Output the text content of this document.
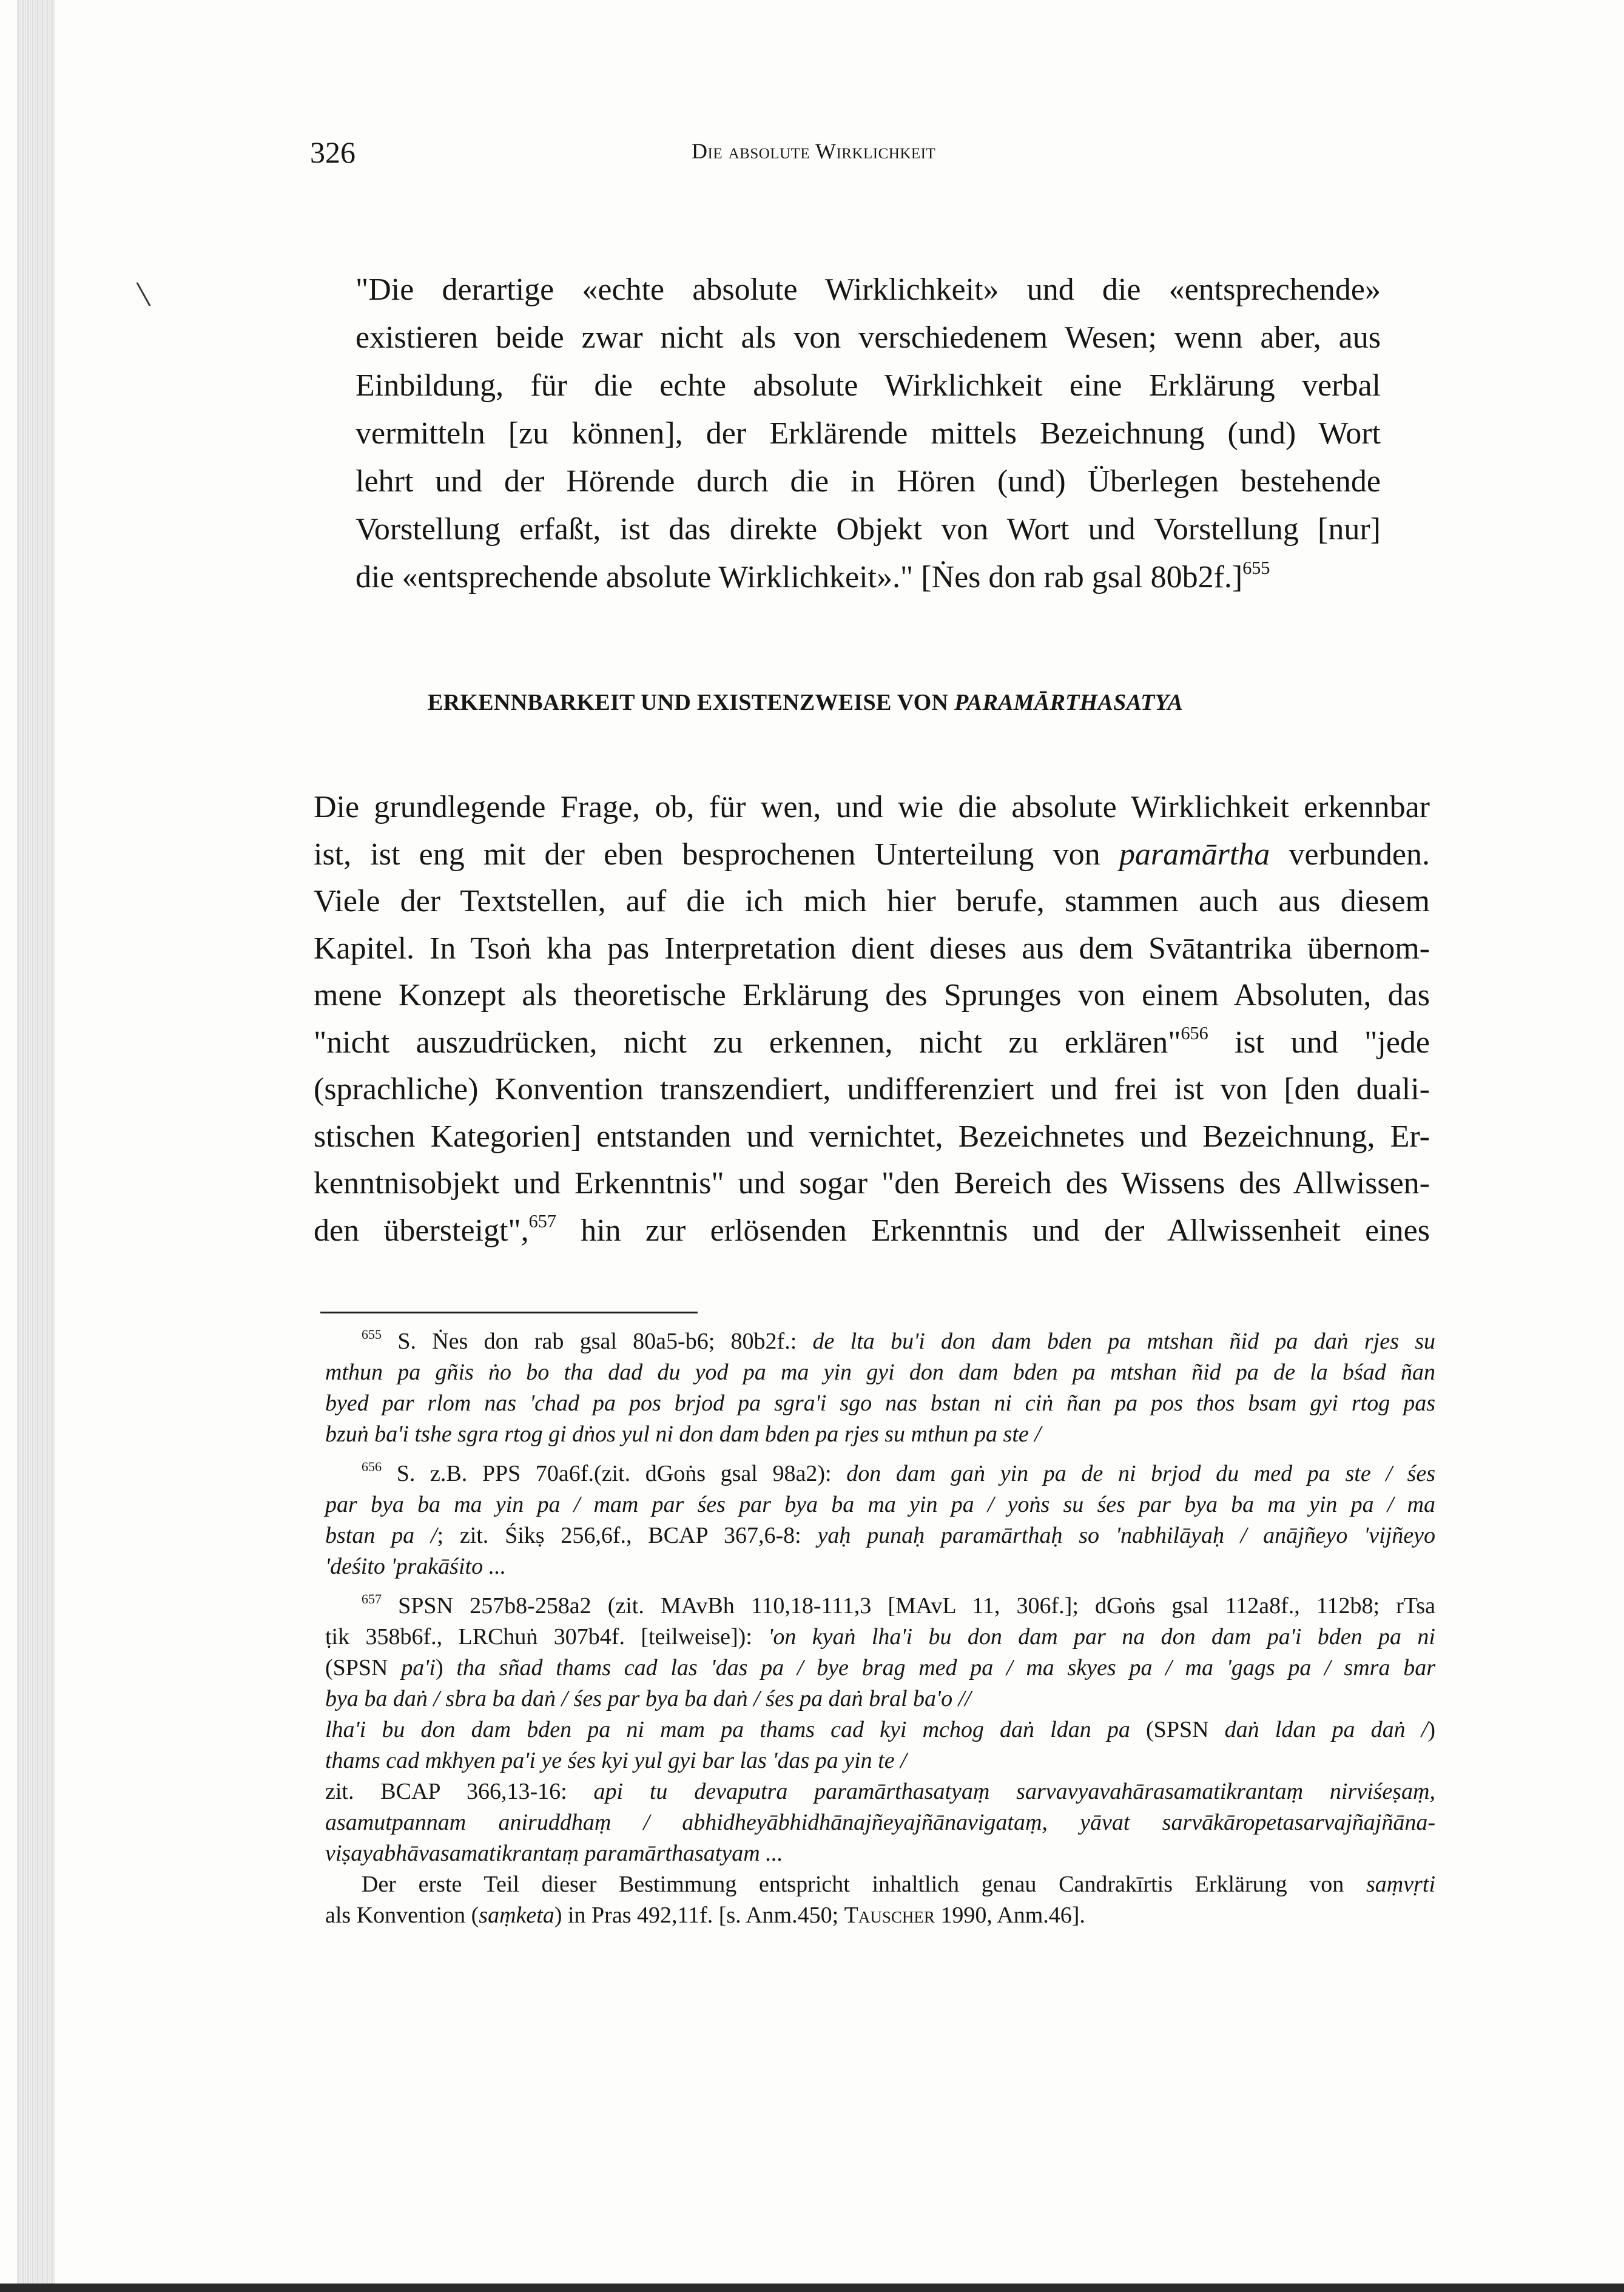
\
326	Die absolute Wirklichkeit
"Die derartige «echte absolute Wirklichkeit» und die «entsprechende»
existieren beide zwar nicht als von verschiedenem Wesen; wenn aber, aus
Einbildung, für die echte absolute Wirklichkeit eine Erklärung verbal
vermitteln [zu können], der Erklärende mittels Bezeichnung (und) Wort
lehrt und der Hörende durch die in Hören (und) Überlegen bestehende
Vorstellung erfaßt, ist das direkte Objekt von Wort und Vorstellung [nur]
die «entsprechende absolute Wirklichkeit»." [Ṅes don rab gsal 80b2f.]$^{655}$
ERKENNBARKEIT UND EXISTENZWEISE VON PARAMĀRTHASATYA
Die grundlegende Frage, ob, für wen, und wie die absolute Wirklichkeit erkennbar
ist, ist eng mit der eben besprochenen Unterteilung von paramārtha verbunden.
Viele der Textstellen, auf die ich mich hier berufe, stammen auch aus diesem
Kapitel. In Tsoṅ kha pas Interpretation dient dieses aus dem Svātantrika übernom-
mene Konzept als theoretische Erklärung des Sprunges von einem Absoluten, das
"nicht auszudrücken, nicht zu erkennen, nicht zu erklären"$^{656}$ ist und "jede
(sprachliche) Konvention transzendiert, undifferenziert und frei ist von [den duali-
stischen Kategorien] entstanden und vernichtet, Bezeichnetes und Bezeichnung, Er-
kenntnisobjekt und Erkenntnis" und sogar "den Bereich des Wissens des Allwissen-
den übersteigt",$^{657}$ hin zur erlösenden Erkenntnis und der Allwissenheit eines
$^{655}$ S. Ṅes don rab gsal 80a5-b6; 80b2f.: de lta bu'i don dam bden pa mtshan ñid pa daṅ rjes su
mthun pa gñis ṅo bo tha dad du yod pa ma yin gyi don dam bden pa mtshan ñid pa de la bśad ñan
byed par rlom nas 'chad pa pos brjod pa sgra'i sgo nas bstan ni ciṅ ñan pa pos thos bsam gyi rtog pas
bzuṅ ba'i tshe sgra rtog gi dṅos yul ni don dam bden pa rjes su mthun pa ste /
$^{656}$ S. z.B. PPS 70a6f.(zit. dGoṅs gsal 98a2): don dam gaṅ yin pa de ni brjod du med pa ste / śes
par bya ba ma yin pa / mam par śes par bya ba ma yin pa / yoṅs su śes par bya ba ma yin pa / ma
bstan pa /; zit. Śikṣ 256,6f., BCAP 367,6-8: yaḥ punaḥ paramārthaḥ so 'nabhilāyaḥ / anājñeyo 'vijñeyo
'deśito 'prakāśito ...
$^{657}$ SPSN 257b8-258a2 (zit. MAvBh 110,18-111,3 [MAvL 11, 306f.]; dGoṅs gsal 112a8f., 112b8; rTsa
ṭik 358b6f., LRChuṅ 307b4f. [teilweise]): 'on kyaṅ lha'i bu don dam par na don dam pa'i bden pa ni
(SPSN pa'i) tha sñad thams cad las 'das pa / bye brag med pa / ma skyes pa / ma 'gags pa / smra bar
bya ba daṅ / sbra ba daṅ / śes par bya ba daṅ / śes pa daṅ bral ba'o //
lha'i bu don dam bden pa ni mam pa thams cad kyi mchog daṅ ldan pa (SPSN daṅ ldan pa daṅ /)
thams cad mkhyen pa'i ye śes kyi yul gyi bar las 'das pa yin te /
zit. BCAP 366,13-16: api tu devaputra paramārthasatyaṃ sarvavyavahārasamatikrantaṃ nirviśeṣaṃ,
asamutpannam aniruddhaṃ / abhidheyābhidhānajñeyajñānavigataṃ, yāvat sarvākāropetasarvajñajñāna-
viṣayabhāvasamatikrantaṃ paramārthasatyam ...
Der erste Teil dieser Bestimmung entspricht inhaltlich genau Candrakīrtis Erklärung von saṃvṛti
als Konvention (saṃketa) in Pras 492,11f. [s. Anm.450; Tauscher 1990, Anm.46].
